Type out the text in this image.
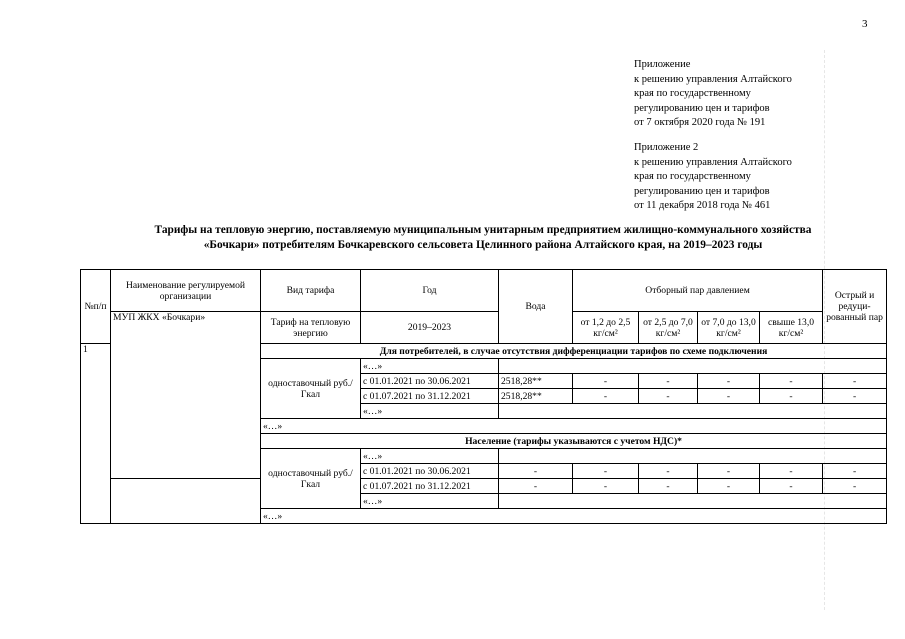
3
Приложение
к решению управления Алтайского
края по государственному
регулированию цен и тарифов
от 7 октября 2020 года № 191
Приложение 2
к решению управления Алтайского
края по государственному
регулированию цен и тарифов
от 11 декабря 2018 года № 461
Тарифы на тепловую энергию, поставляемую муниципальным унитарным предприятием жилищно-коммунального хозяйства
«Бочкари» потребителям Бочкаревского сельсовета Целинного района Алтайского края, на 2019–2023 годы
№п/п	Наименование регулируемой организации	Вид тарифа	Год	Вода	Отборный пар давлением				Острый и редуци-рованный пар
	МУП ЖКХ «Бочкари»	Тариф на тепловую энергию	2019–2023		от 1,2 до 2,5 кг/см²	от 2,5 до 7,0 кг/см²	от 7,0 до 13,0 кг/см²	свыше 13,0 кг/см²	
1		Для потребителей, в случае отсутствия дифференциации тарифов по схеме подключения							
		одноставочный руб./Гкал	«…»						
			с 01.01.2021 по 30.06.2021	2518,28**	-	-	-	-	-
			с 01.07.2021 по 31.12.2021	2518,28**	-	-	-	-	-
			«…»						
		«…»							
		Население (тарифы указываются с учетом НДС)*							
		одноставочный руб./Гкал	«…»						
			с 01.01.2021 по 30.06.2021	-	-	-	-	-	-
			с 01.07.2021 по 31.12.2021	-	-	-	-	-	-
			«…»						
		«…»							
